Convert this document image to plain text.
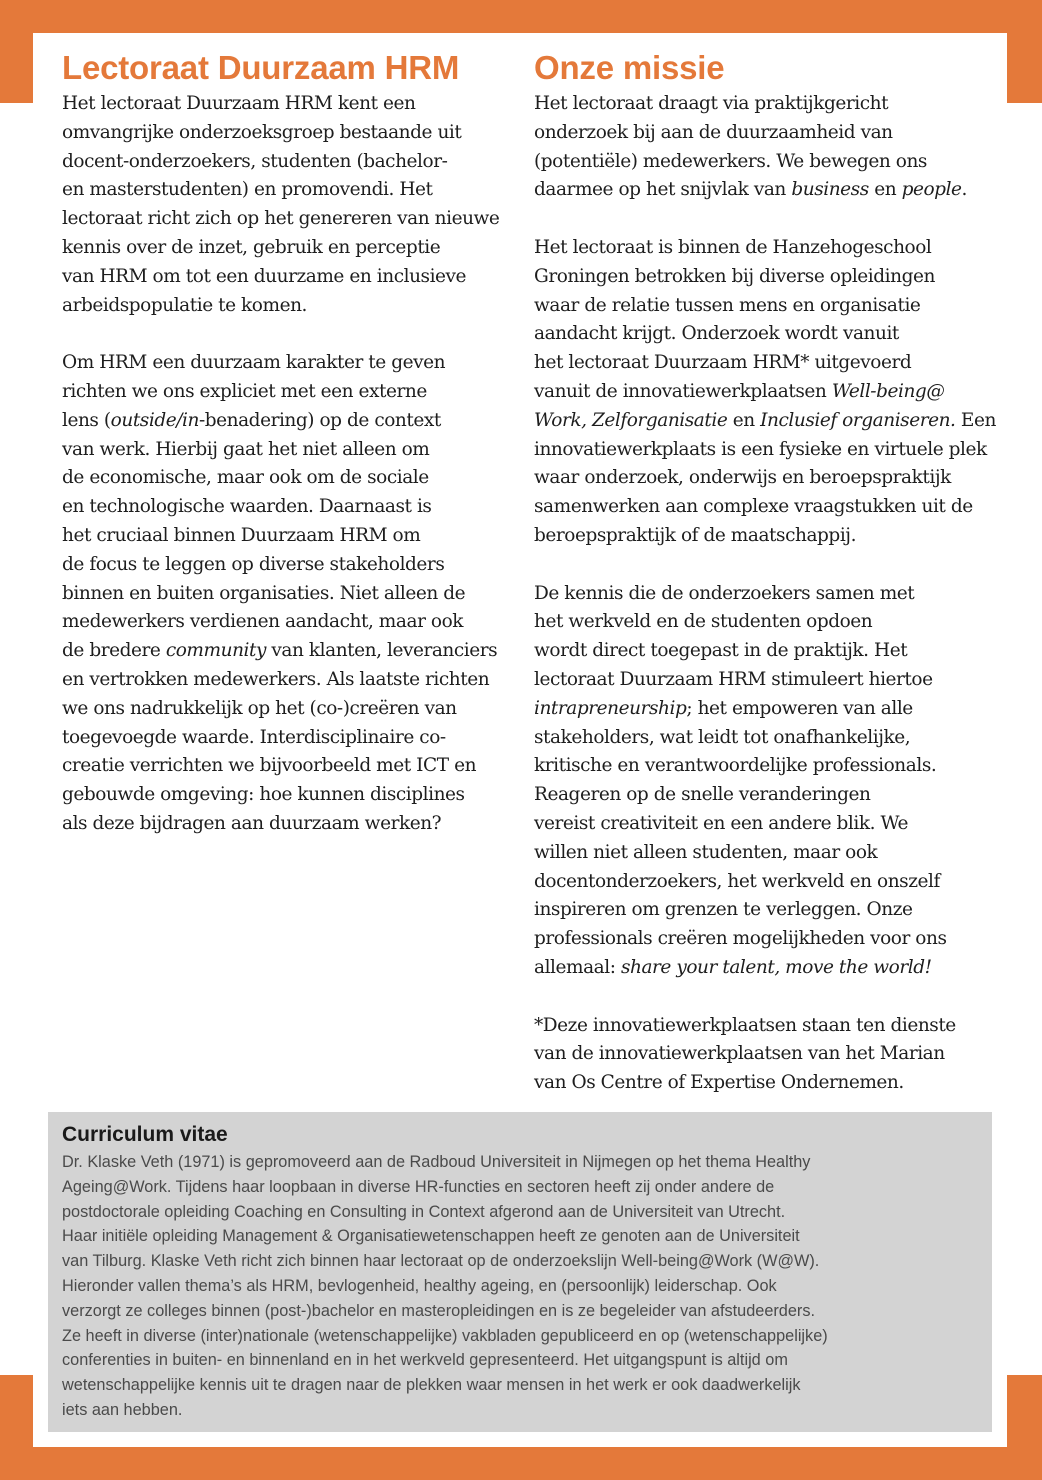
Lectoraat Duurzaam HRM
Het lectoraat Duurzaam HRM kent een
omvangrijke onderzoeksgroep bestaande uit
docent-onderzoekers, studenten (bachelor-
en masterstudenten) en promovendi. Het
lectoraat richt zich op het genereren van nieuwe
kennis over de inzet, gebruik en perceptie
van HRM om tot een duurzame en inclusieve
arbeidspopulatie te komen.
Om HRM een duurzaam karakter te geven
richten we ons expliciet met een externe
lens (outside/in-benadering) op de context
van werk. Hierbij gaat het niet alleen om
de economische, maar ook om de sociale
en technologische waarden. Daarnaast is
het cruciaal binnen Duurzaam HRM om
de focus te leggen op diverse stakeholders
binnen en buiten organisaties. Niet alleen de
medewerkers verdienen aandacht, maar ook
de bredere community van klanten, leveranciers
en vertrokken medewerkers. Als laatste richten
we ons nadrukkelijk op het (co-)creëren van
toegevoegde waarde. Interdisciplinaire co-
creatie verrichten we bijvoorbeeld met ICT en
gebouwde omgeving: hoe kunnen disciplines
als deze bijdragen aan duurzaam werken?
Onze missie
Het lectoraat draagt via praktijkgericht
onderzoek bij aan de duurzaamheid van
(potentiële) medewerkers. We bewegen ons
daarmee op het snijvlak van business en people.
Het lectoraat is binnen de Hanzehogeschool
Groningen betrokken bij diverse opleidingen
waar de relatie tussen mens en organisatie
aandacht krijgt. Onderzoek wordt vanuit
het lectoraat Duurzaam HRM* uitgevoerd
vanuit de innovatiewerkplaatsen Well-being@
Work, Zelforganisatie en Inclusief organiseren. Een
innovatiewerkplaats is een fysieke en virtuele plek
waar onderzoek, onderwijs en beroepspraktijk
samenwerken aan complexe vraagstukken uit de
beroepspraktijk of de maatschappij.
De kennis die de onderzoekers samen met
het werkveld en de studenten opdoen
wordt direct toegepast in de praktijk. Het
lectoraat Duurzaam HRM stimuleert hiertoe
intrapreneurship; het empoweren van alle
stakeholders, wat leidt tot onafhankelijke,
kritische en verantwoordelijke professionals.
Reageren op de snelle veranderingen
vereist creativiteit en een andere blik. We
willen niet alleen studenten, maar ook
docentonderzoekers, het werkveld en onszelf
inspireren om grenzen te verleggen. Onze
professionals creëren mogelijkheden voor ons
allemaal: share your talent, move the world!
*Deze innovatiewerkplaatsen staan ten dienste
van de innovatiewerkplaatsen van het Marian
van Os Centre of Expertise Ondernemen.
Curriculum vitae
Dr. Klaske Veth (1971) is gepromoveerd aan de Radboud Universiteit in Nijmegen op het thema Healthy
Ageing@Work. Tijdens haar loopbaan in diverse HR-functies en sectoren heeft zij onder andere de
postdoctorale opleiding Coaching en Consulting in Context afgerond aan de Universiteit van Utrecht.
Haar initiële opleiding Management & Organisatiewetenschappen heeft ze genoten aan de Universiteit
van Tilburg. Klaske Veth richt zich binnen haar lectoraat op de onderzoekslijn Well-being@Work (W@W).
Hieronder vallen thema’s als HRM, bevlogenheid, healthy ageing, en (persoonlijk) leiderschap. Ook
verzorgt ze colleges binnen (post-)bachelor en masteropleidingen en is ze begeleider van afstudeerders.
Ze heeft in diverse (inter)nationale (wetenschappelijke) vakbladen gepubliceerd en op (wetenschappelijke)
conferenties in buiten- en binnenland en in het werkveld gepresenteerd. Het uitgangspunt is altijd om
wetenschappelijke kennis uit te dragen naar de plekken waar mensen in het werk er ook daadwerkelijk
iets aan hebben.
